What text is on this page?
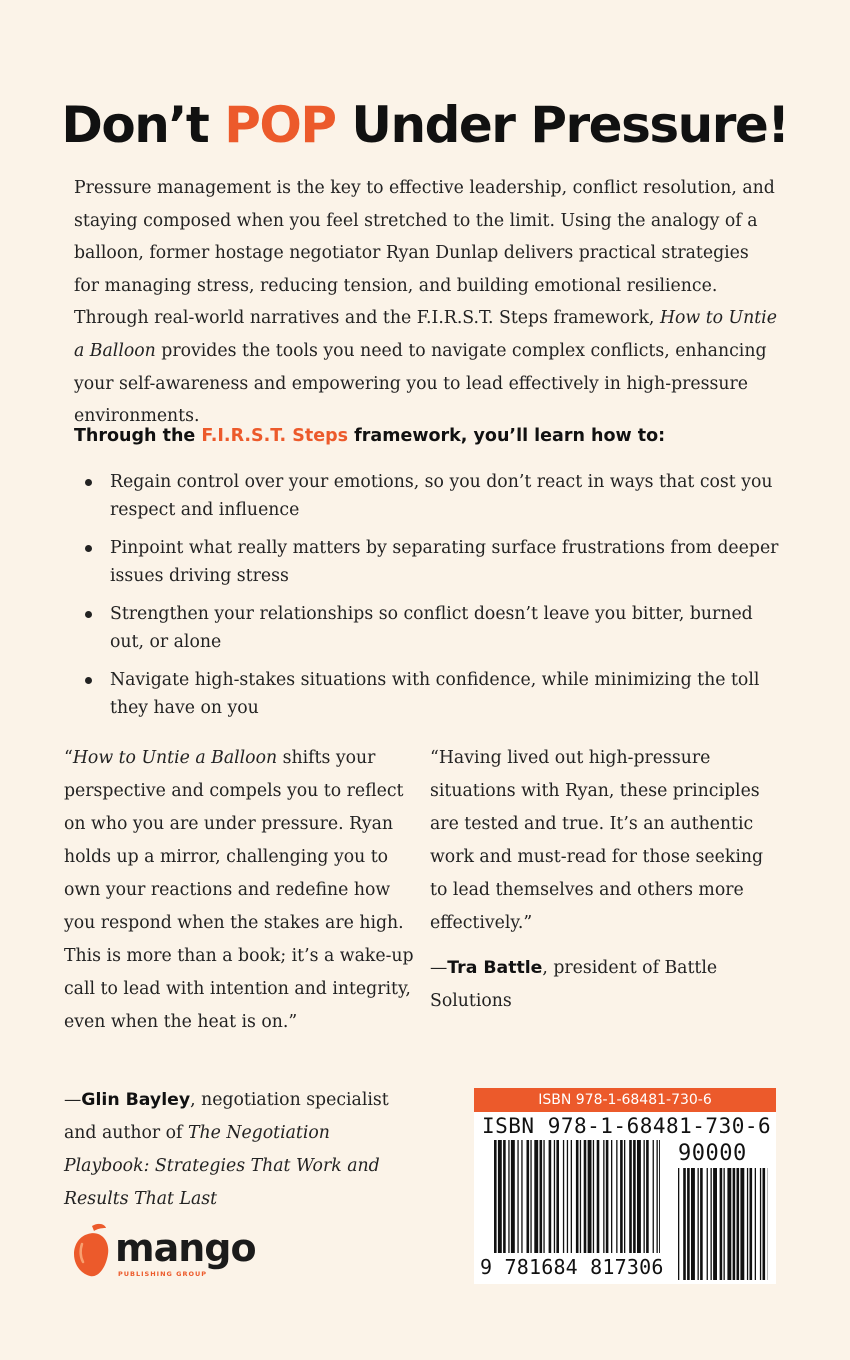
Don’t POP Under Pressure!

Pressure management is the key to effective leadership, conflict resolution, and staying composed when you feel stretched to the limit. Using the analogy of a balloon, former hostage negotiator Ryan Dunlap delivers practical strategies for managing stress, reducing tension, and building emotional resilience. Through real-world narratives and the F.I.R.S.T. Steps framework, How to Untie a Balloon provides the tools you need to navigate complex conflicts, enhancing your self-awareness and empowering you to lead effectively in high-pressure environments.

Through the F.I.R.S.T. Steps framework, you’ll learn how to:

Regain control over your emotions, so you don’t react in ways that cost you respect and influence
Pinpoint what really matters by separating surface frustrations from deeper issues driving stress
Strengthen your relationships so conflict doesn’t leave you bitter, burned out, or alone
Navigate high-stakes situations with confidence, while minimizing the toll they have on you

“How to Untie a Balloon shifts your perspective and compels you to reflect on who you are under pressure. Ryan holds up a mirror, challenging you to own your reactions and redefine how you respond when the stakes are high. This is more than a book; it’s a wake-up call to lead with intention and integrity, even when the heat is on.”

—Glin Bayley, negotiation specialist and author of The Negotiation Playbook: Strategies That Work and Results That Last

“Having lived out high-pressure situations with Ryan, these principles are tested and true. It’s an authentic work and must-read for those seeking to lead themselves and others more effectively.”

—Tra Battle, president of Battle Solutions

mango
PUBLISHING GROUP
ISBN 978-1-68481-730-6
ISBN 978-1-68481-730-6
90000
9 781684 817306
